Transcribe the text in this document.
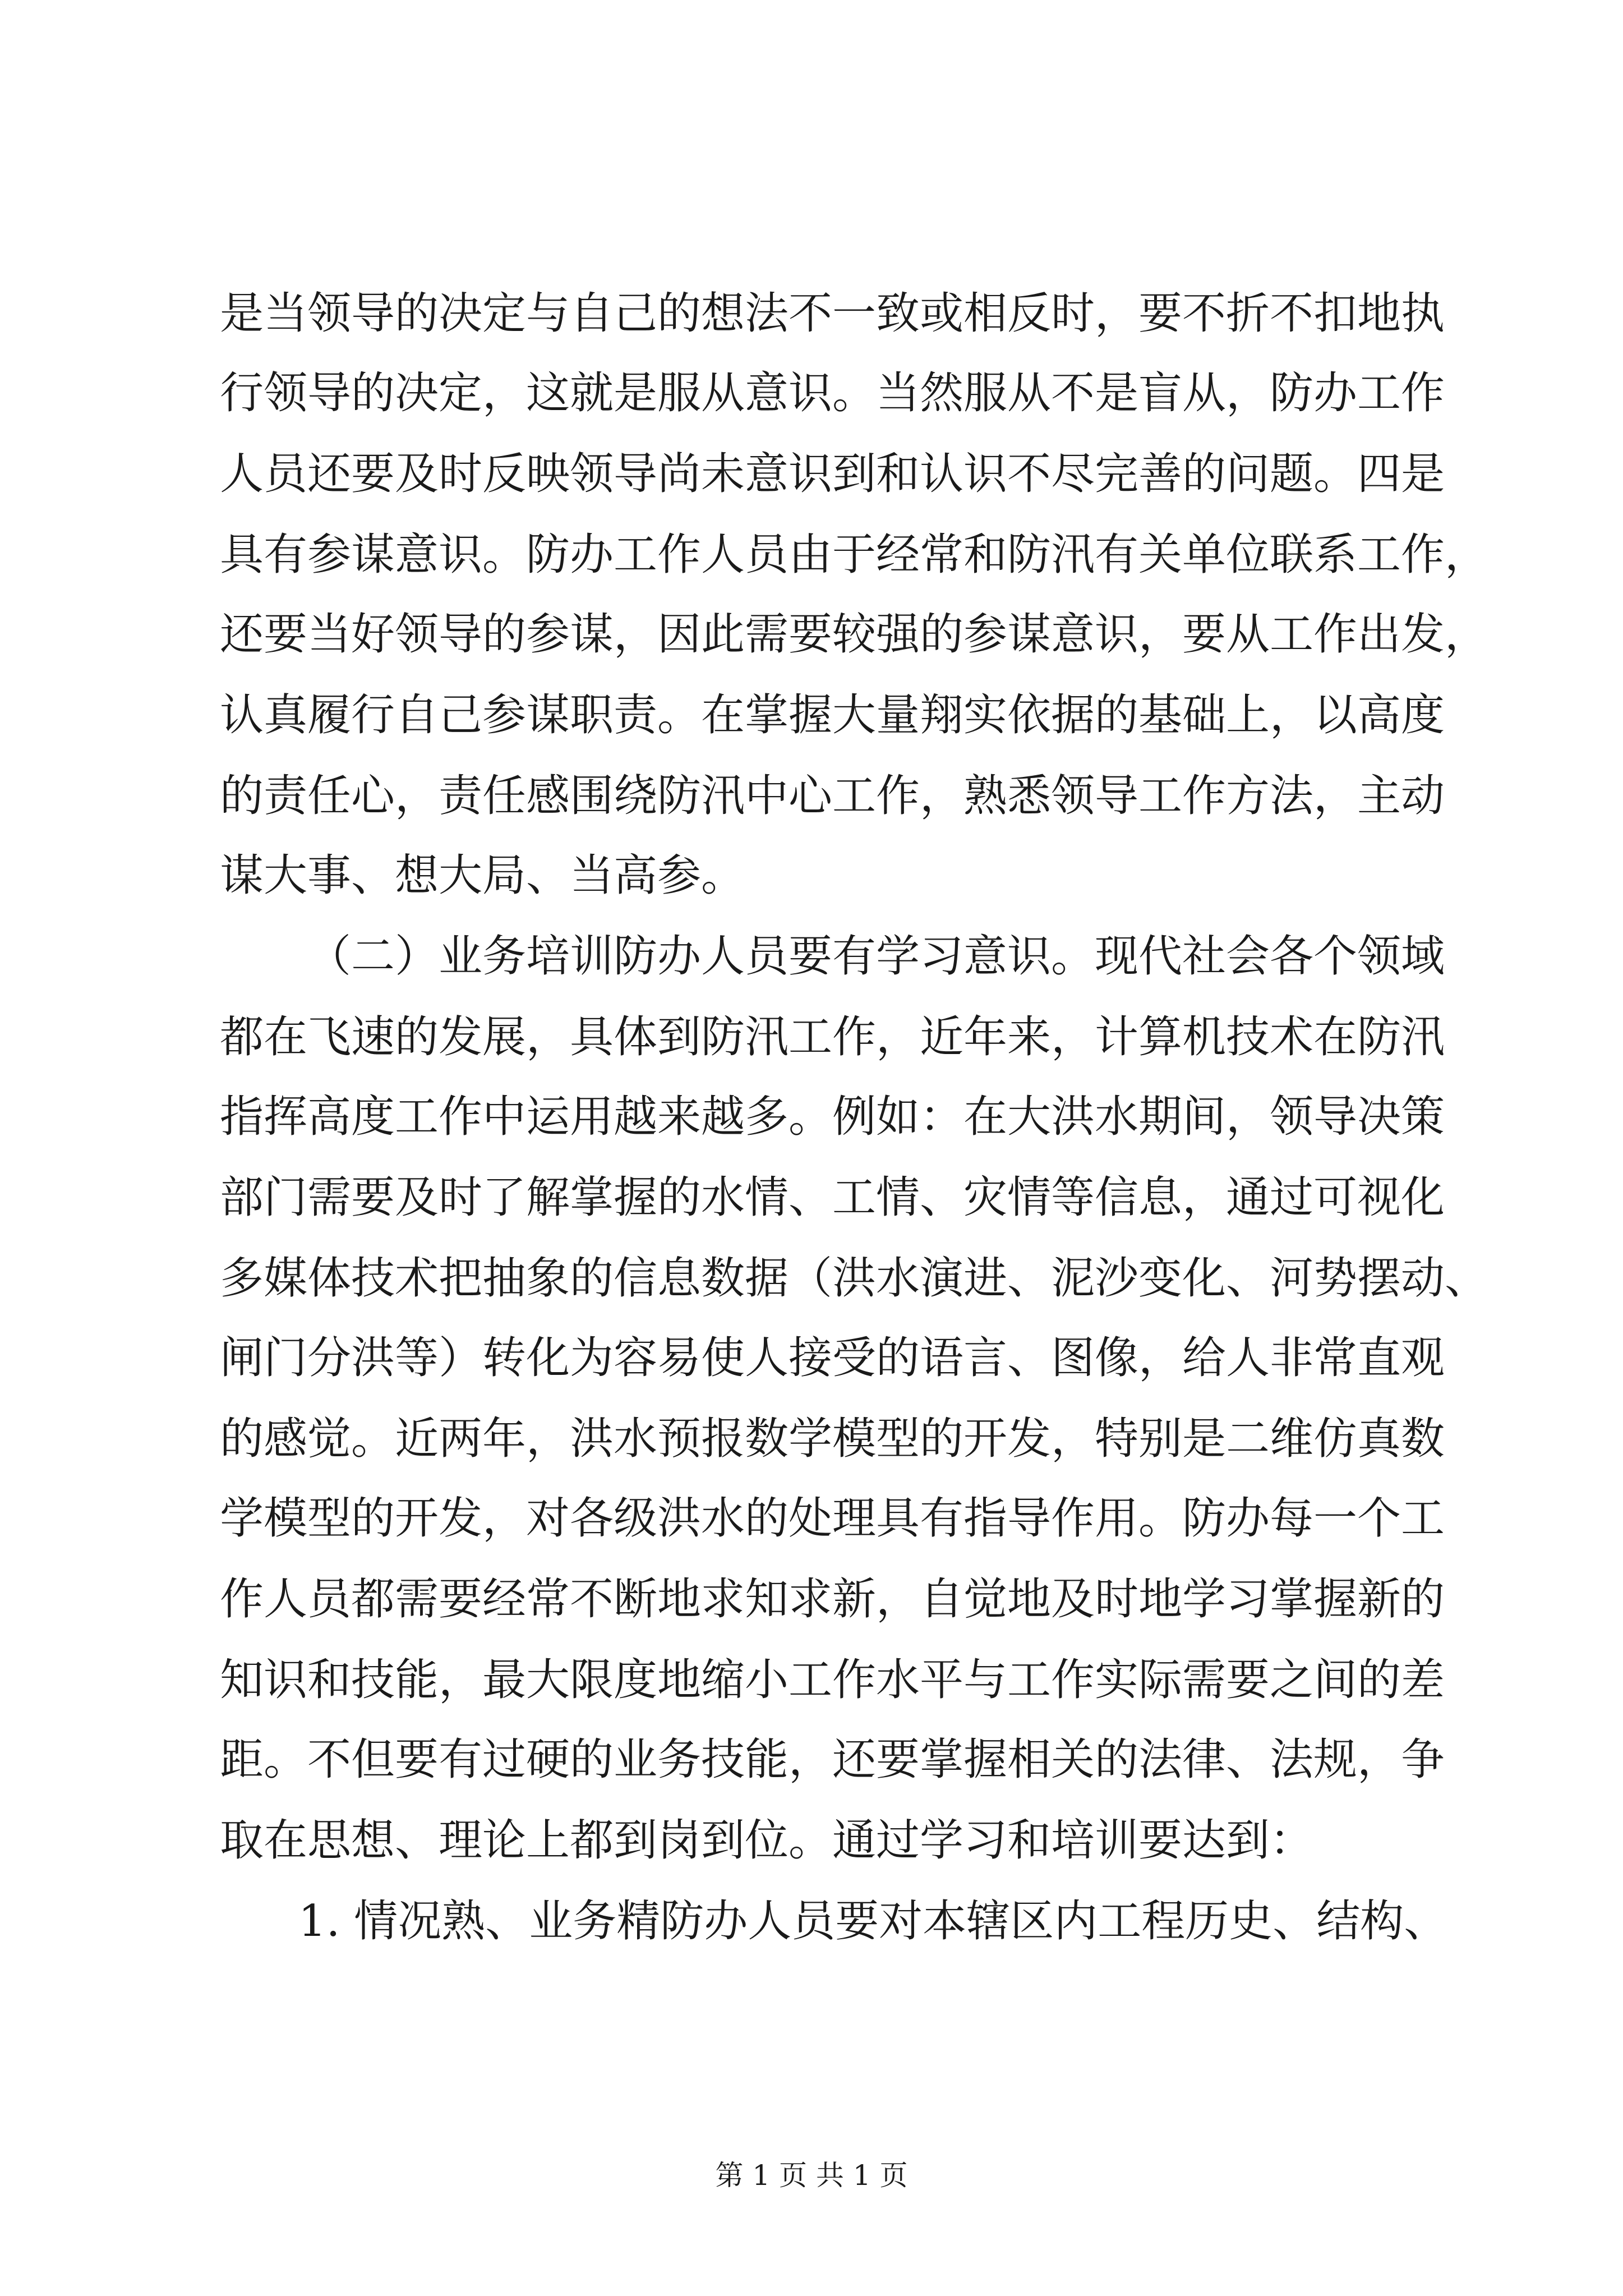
是当领导的决定与自己的想法不一致或相反时，要不折不扣地执
行领导的决定，这就是服从意识。当然服从不是盲从，防办工作
人员还要及时反映领导尚未意识到和认识不尽完善的问题。四是
具有参谋意识。防办工作人员由于经常和防汛有关单位联系工作，
还要当好领导的参谋，因此需要较强的参谋意识，要从工作出发，
认真履行自己参谋职责。在掌握大量翔实依据的基础上，以高度
的责任心，责任感围绕防汛中心工作，熟悉领导工作方法，主动
谋大事、想大局、当高参。
（二）业务培训防办人员要有学习意识。现代社会各个领域
都在飞速的发展，具体到防汛工作，近年来，计算机技术在防汛
指挥高度工作中运用越来越多。例如：在大洪水期间，领导决策
部门需要及时了解掌握的水情、工情、灾情等信息，通过可视化
多媒体技术把抽象的信息数据（洪水演进、泥沙变化、河势摆动、
闸门分洪等）转化为容易使人接受的语言、图像，给人非常直观
的感觉。近两年，洪水预报数学模型的开发，特别是二维仿真数
学模型的开发，对各级洪水的处理具有指导作用。防办每一个工
作人员都需要经常不断地求知求新，自觉地及时地学习掌握新的
知识和技能，最大限度地缩小工作水平与工作实际需要之间的差
距。不但要有过硬的业务技能，还要掌握相关的法律、法规，争
取在思想、理论上都到岗到位。通过学习和培训要达到：
1. 情况熟、业务精防办人员要对本辖区内工程历史、结构、
第 1 页 共 1 页
